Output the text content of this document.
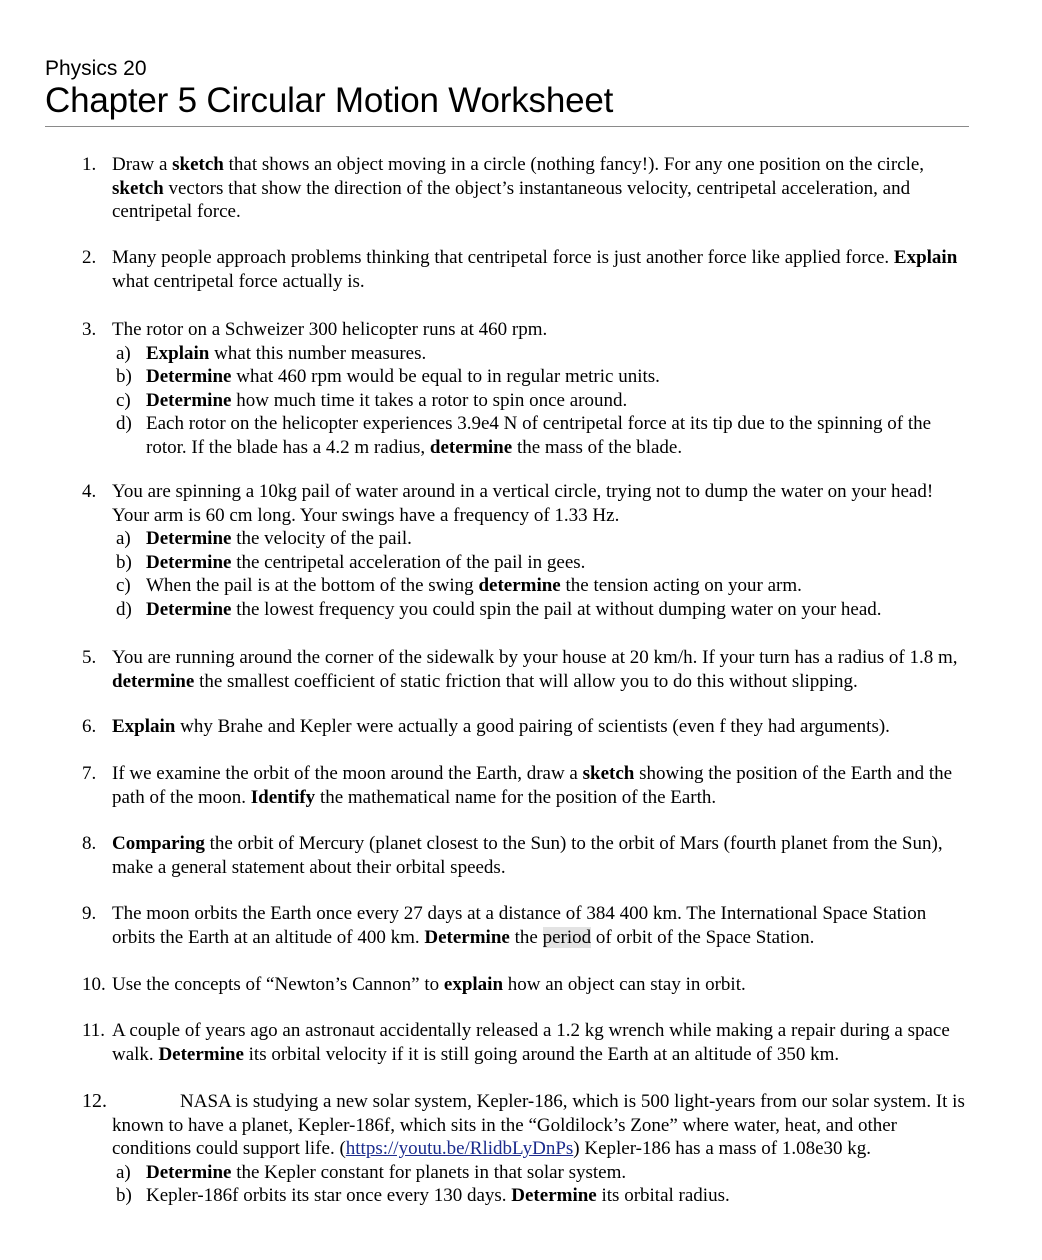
Physics 20
Chapter 5 Circular Motion Worksheet
1. Draw a sketch that shows an object moving in a circle (nothing fancy!). For any one position on the circle, sketch vectors that show the direction of the object’s instantaneous velocity, centripetal acceleration, and centripetal force.
2. Many people approach problems thinking that centripetal force is just another force like applied force. Explain what centripetal force actually is.
3. The rotor on a Schweizer 300 helicopter runs at 460 rpm.
a) Explain what this number measures.
b) Determine what 460 rpm would be equal to in regular metric units.
c) Determine how much time it takes a rotor to spin once around.
d) Each rotor on the helicopter experiences 3.9e4 N of centripetal force at its tip due to the spinning of the rotor. If the blade has a 4.2 m radius, determine the mass of the blade.
4. You are spinning a 10kg pail of water around in a vertical circle, trying not to dump the water on your head! Your arm is 60 cm long. Your swings have a frequency of 1.33 Hz.
a) Determine the velocity of the pail.
b) Determine the centripetal acceleration of the pail in gees.
c) When the pail is at the bottom of the swing determine the tension acting on your arm.
d) Determine the lowest frequency you could spin the pail at without dumping water on your head.
5. You are running around the corner of the sidewalk by your house at 20 km/h. If your turn has a radius of 1.8 m, determine the smallest coefficient of static friction that will allow you to do this without slipping.
6. Explain why Brahe and Kepler were actually a good pairing of scientists (even f they had arguments).
7. If we examine the orbit of the moon around the Earth, draw a sketch showing the position of the Earth and the path of the moon. Identify the mathematical name for the position of the Earth.
8. Comparing the orbit of Mercury (planet closest to the Sun) to the orbit of Mars (fourth planet from the Sun), make a general statement about their orbital speeds.
9. The moon orbits the Earth once every 27 days at a distance of 384 400 km. The International Space Station orbits the Earth at an altitude of 400 km. Determine the period of orbit of the Space Station.
10. Use the concepts of “Newton’s Cannon” to explain how an object can stay in orbit.
11. A couple of years ago an astronaut accidentally released a 1.2 kg wrench while making a repair during a space walk. Determine its orbital velocity if it is still going around the Earth at an altitude of 350 km.
12.	NASA is studying a new solar system, Kepler-186, which is 500 light-years from our solar system. It is known to have a planet, Kepler-186f, which sits in the “Goldilock’s Zone” where water, heat, and other conditions could support life. (https://youtu.be/RlidbLyDnPs) Kepler-186 has a mass of 1.08e30 kg.
a) Determine the Kepler constant for planets in that solar system.
b) Kepler-186f orbits its star once every 130 days. Determine its orbital radius.
